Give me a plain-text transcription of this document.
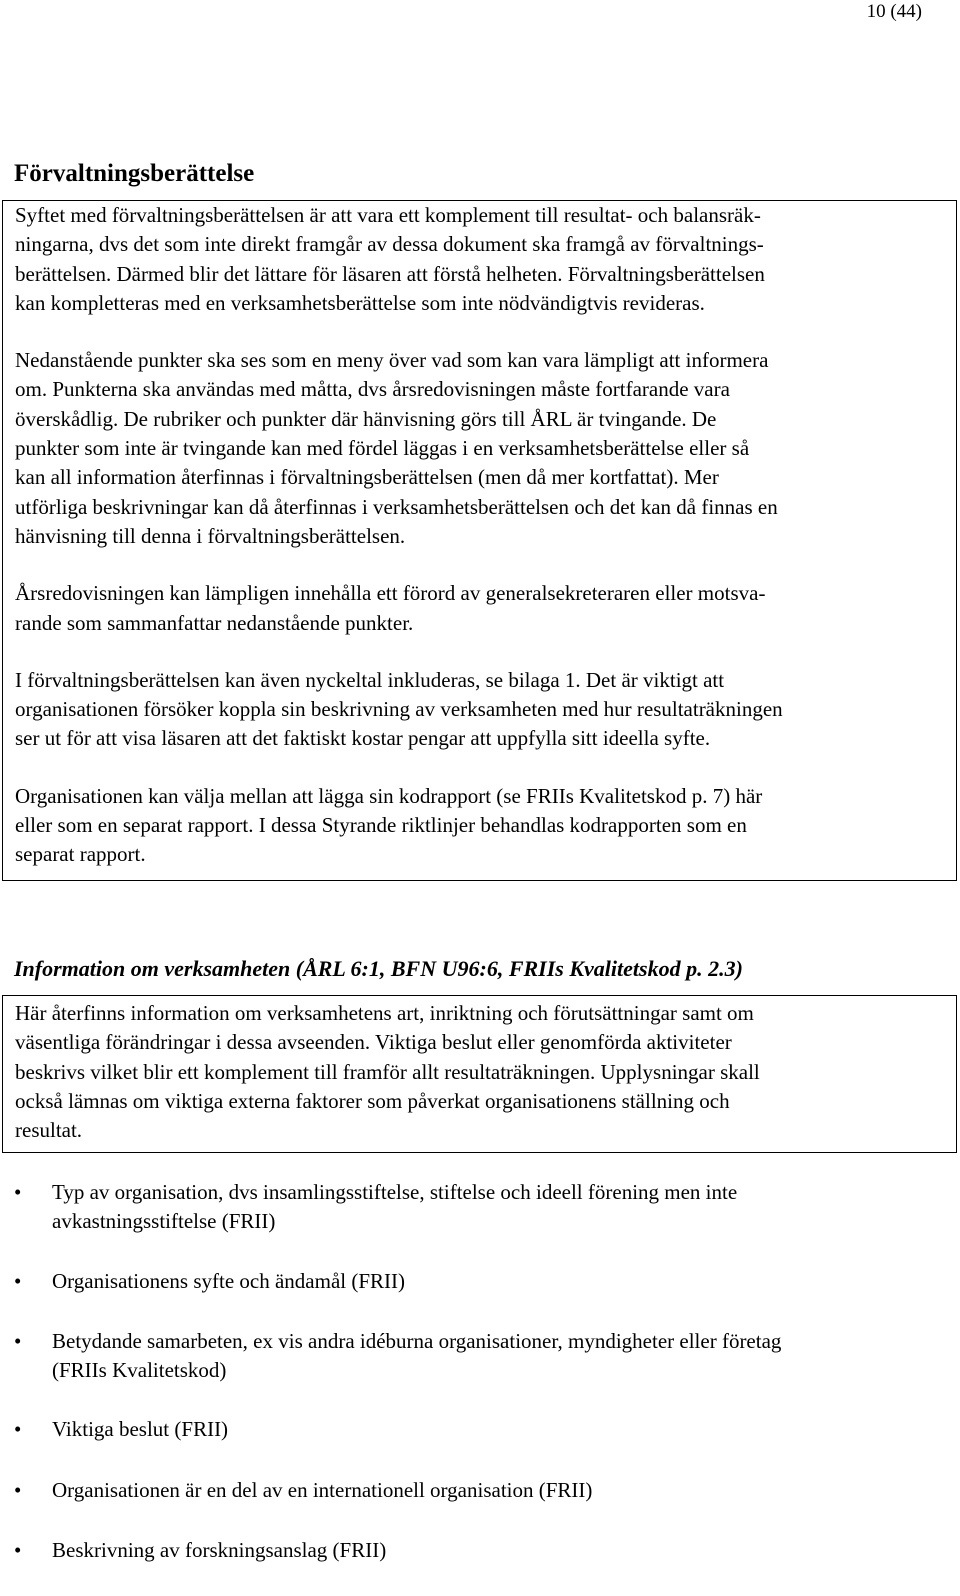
10 (44)
Förvaltningsberättelse

Syftet med förvaltningsberättelsen är att vara ett komplement till resultat- och balansräk-
ningarna, dvs det som inte direkt framgår av dessa dokument ska framgå av förvaltnings-
berättelsen. Därmed blir det lättare för läsaren att förstå helheten. Förvaltningsberättelsen
kan kompletteras med en verksamhetsberättelse som inte nödvändigtvis revideras.

Nedanstående punkter ska ses som en meny över vad som kan vara lämpligt att informera
om. Punkterna ska användas med måtta, dvs årsredovisningen måste fortfarande vara
överskådlig. De rubriker och punkter där hänvisning görs till ÅRL är tvingande. De
punkter som inte är tvingande kan med fördel läggas i en verksamhetsberättelse eller så
kan all information återfinnas i förvaltningsberättelsen (men då mer kortfattat). Mer
utförliga beskrivningar kan då återfinnas i verksamhetsberättelsen och det kan då finnas en
hänvisning till denna i förvaltningsberättelsen.

Årsredovisningen kan lämpligen innehålla ett förord av generalsekreteraren eller motsva-
rande som sammanfattar nedanstående punkter.

I förvaltningsberättelsen kan även nyckeltal inkluderas, se bilaga 1. Det är viktigt att
organisationen försöker koppla sin beskrivning av verksamheten med hur resultaträkningen
ser ut för att visa läsaren att det faktiskt kostar pengar att uppfylla sitt ideella syfte.

Organisationen kan välja mellan att lägga sin kodrapport (se FRIIs Kvalitetskod p. 7) här
eller som en separat rapport. I dessa Styrande riktlinjer behandlas kodrapporten som en
separat rapport.

Information om verksamheten (ÅRL 6:1, BFN U96:6, FRIIs Kvalitetskod p. 2.3)

Här återfinns information om verksamhetens art, inriktning och förutsättningar samt om
väsentliga förändringar i dessa avseenden. Viktiga beslut eller genomförda aktiviteter
beskrivs vilket blir ett komplement till framför allt resultaträkningen. Upplysningar skall
också lämnas om viktiga externa faktorer som påverkat organisationens ställning och
resultat.

• Typ av organisation, dvs insamlingsstiftelse, stiftelse och ideell förening men inte
avkastningsstiftelse (FRII)
• Organisationens syfte och ändamål (FRII)
• Betydande samarbeten, ex vis andra idéburna organisationer, myndigheter eller företag
(FRIIs Kvalitetskod)
• Viktiga beslut (FRII)
• Organisationen är en del av en internationell organisation (FRII)
• Beskrivning av forskningsanslag (FRII)
